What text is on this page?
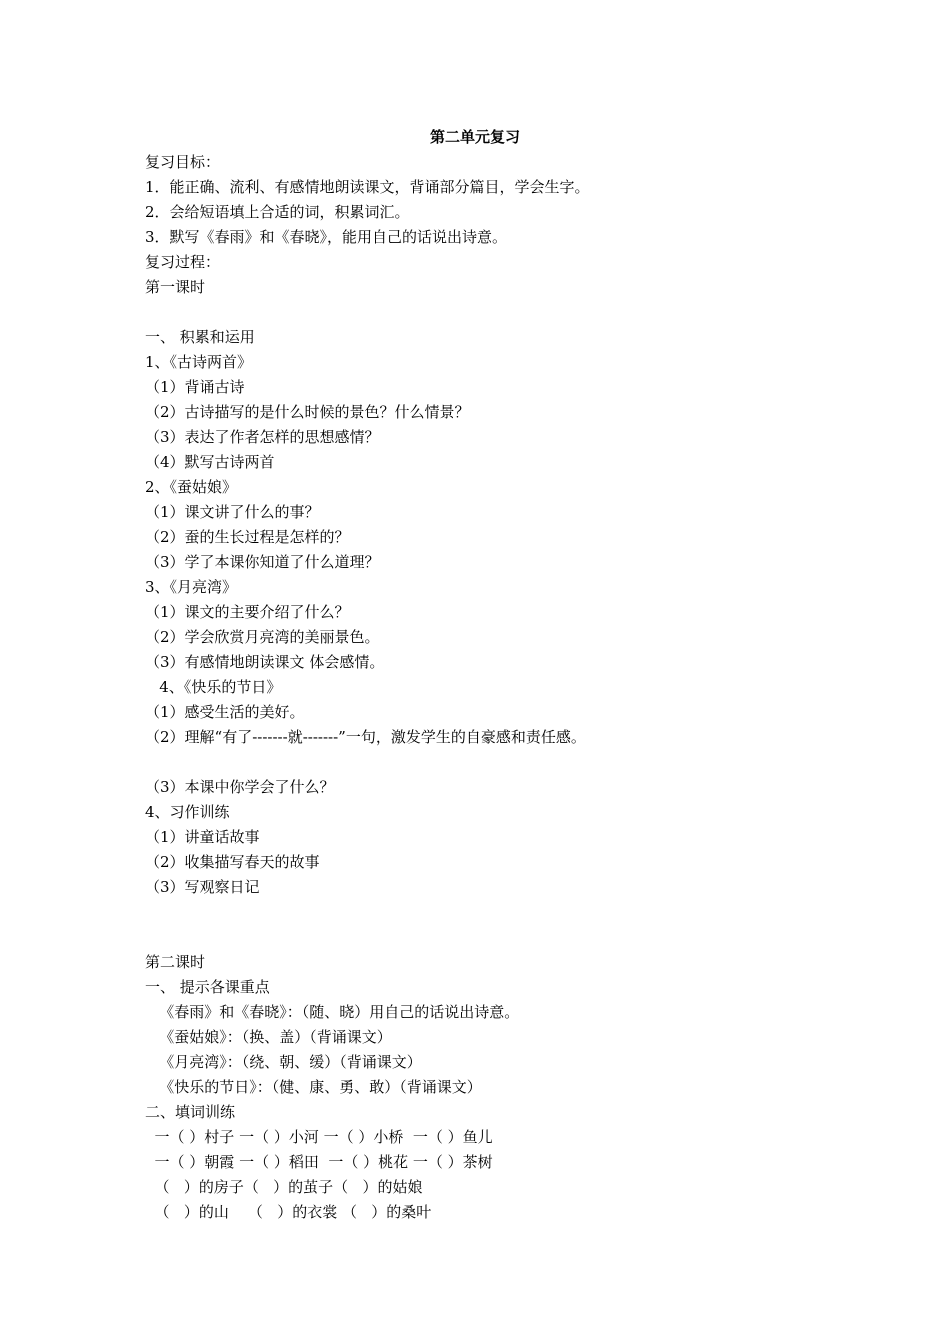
第二单元复习
复习目标：
1．能正确、流利、有感情地朗读课文，背诵部分篇目，学会生字。
2．会给短语填上合适的词，积累词汇。
3．默写《春雨》和《春晓》，能用自己的话说出诗意。
复习过程：
第一课时
一、 积累和运用
1、《古诗两首》
（1）背诵古诗
（2）古诗描写的是什么时候的景色？什么情景？
（3）表达了作者怎样的思想感情？
（4）默写古诗两首
2、《蚕姑娘》
（1）课文讲了什么的事？
（2）蚕的生长过程是怎样的？
（3）学了本课你知道了什么道理？
3、《月亮湾》
（1）课文的主要介绍了什么？
（2）学会欣赏月亮湾的美丽景色。
（3）有感情地朗读课文 体会感情。
4、《快乐的节日》
（1）感受生活的美好。
（2）理解“有了-------就-------”一句，激发学生的自豪感和责任感。
（3）本课中你学会了什么？
4、习作训练
（1）讲童话故事
（2）收集描写春天的故事
（3）写观察日记
第二课时
一、 提示各课重点
《春雨》和《春晓》：（随、晓）用自己的话说出诗意。
《蚕姑娘》：（换、盖）（背诵课文）
《月亮湾》：（绕、朝、缓）（背诵课文）
《快乐的节日》：（健、康、勇、敢）（背诵课文）
二、填词训练
一（ ）村子 一（ ）小河 一（ ）小桥  一（ ）鱼儿
一（ ）朝霞 一（ ）稻田  一（ ）桃花 一（ ）茶树
（   ）的房子（   ）的茧子（   ）的姑娘
（   ）的山    （   ）的衣裳 （   ）的桑叶
